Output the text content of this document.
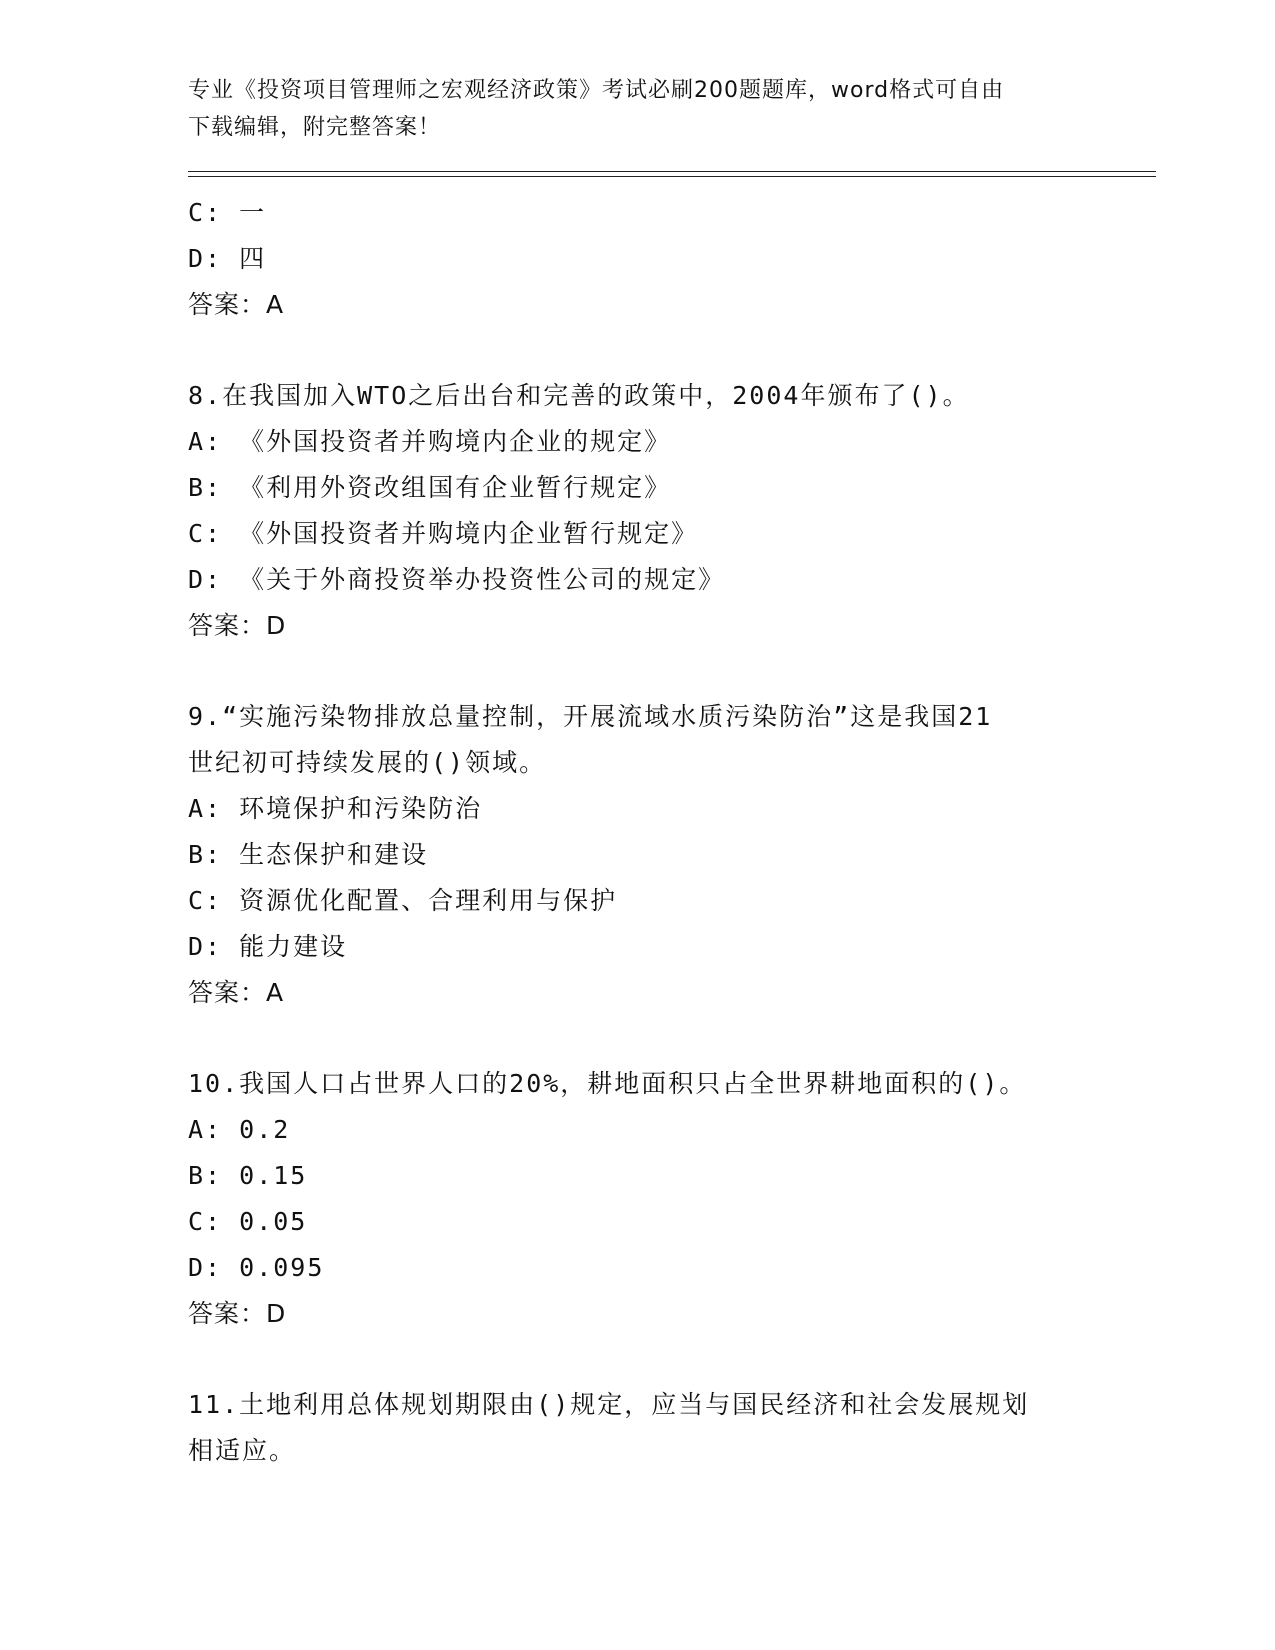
专业《投资项目管理师之宏观经济政策》考试必刷200题题库，word格式可自由
下载编辑，附完整答案！
C: 一
D: 四
答案：A
8.在我国加入WTO之后出台和完善的政策中，2004年颁布了()。
A: 《外国投资者并购境内企业的规定》
B: 《利用外资改组国有企业暂行规定》
C: 《外国投资者并购境内企业暂行规定》
D: 《关于外商投资举办投资性公司的规定》
答案：D
9.“实施污染物排放总量控制，开展流域水质污染防治”这是我国21
世纪初可持续发展的()领域。
A: 环境保护和污染防治
B: 生态保护和建设
C: 资源优化配置、合理利用与保护
D: 能力建设
答案：A
10.我国人口占世界人口的20%，耕地面积只占全世界耕地面积的()。
A: 0.2
B: 0.15
C: 0.05
D: 0.095
答案：D
11.土地利用总体规划期限由()规定，应当与国民经济和社会发展规划
相适应。
